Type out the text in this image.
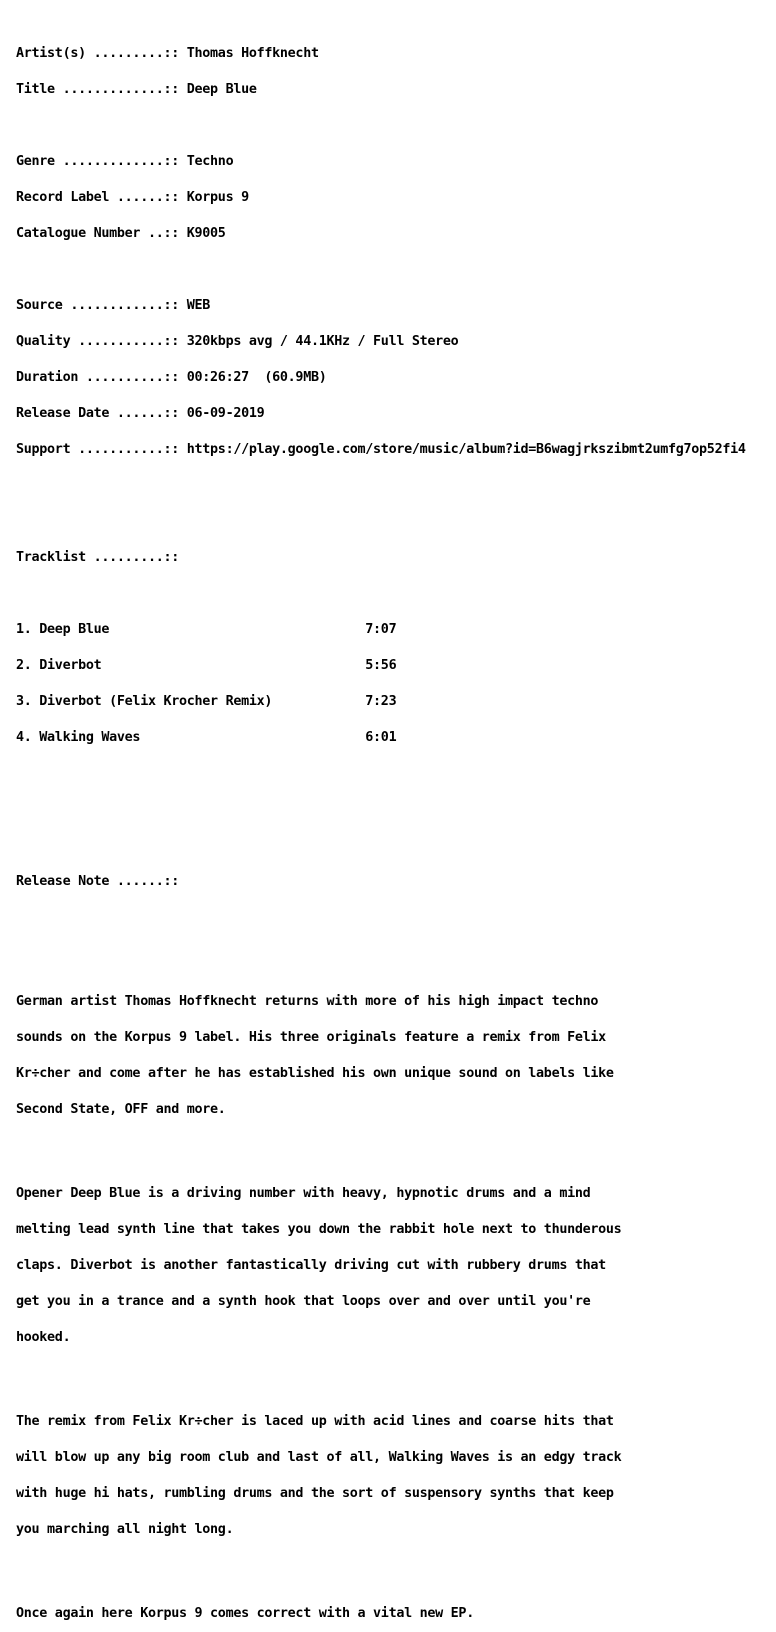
Artist(s) .........:: Thomas Hoffknecht

Title .............:: Deep Blue

Genre .............:: Techno

Record Label ......:: Korpus 9

Catalogue Number ..:: K9005

Source ............:: WEB

Quality ...........:: 320kbps avg / 44.1KHz / Full Stereo

Duration ..........:: 00:26:27  (60.9MB)

Release Date ......:: 06-09-2019

Support ...........:: https://play.google.com/store/music/album?id=B6wagjrkszibmt2umfg7op52fi4

Tracklist .........::

1. Deep Blue                                 7:07

2. Diverbot                                  5:56

3. Diverbot (Felix Krocher Remix)            7:23

4. Walking Waves                             6:01

Release Note ......::

German artist Thomas Hoffknecht returns with more of his high impact techno

sounds on the Korpus 9 label. His three originals feature a remix from Felix

Kr÷cher and come after he has established his own unique sound on labels like

Second State, OFF and more.

Opener Deep Blue is a driving number with heavy, hypnotic drums and a mind

melting lead synth line that takes you down the rabbit hole next to thunderous

claps. Diverbot is another fantastically driving cut with rubbery drums that

get you in a trance and a synth hook that loops over and over until you're

hooked.

The remix from Felix Kr÷cher is laced up with acid lines and coarse hits that

will blow up any big room club and last of all, Walking Waves is an edgy track

with huge hi hats, rumbling drums and the sort of suspensory synths that keep

you marching all night long.

Once again here Korpus 9 comes correct with a vital new EP.
